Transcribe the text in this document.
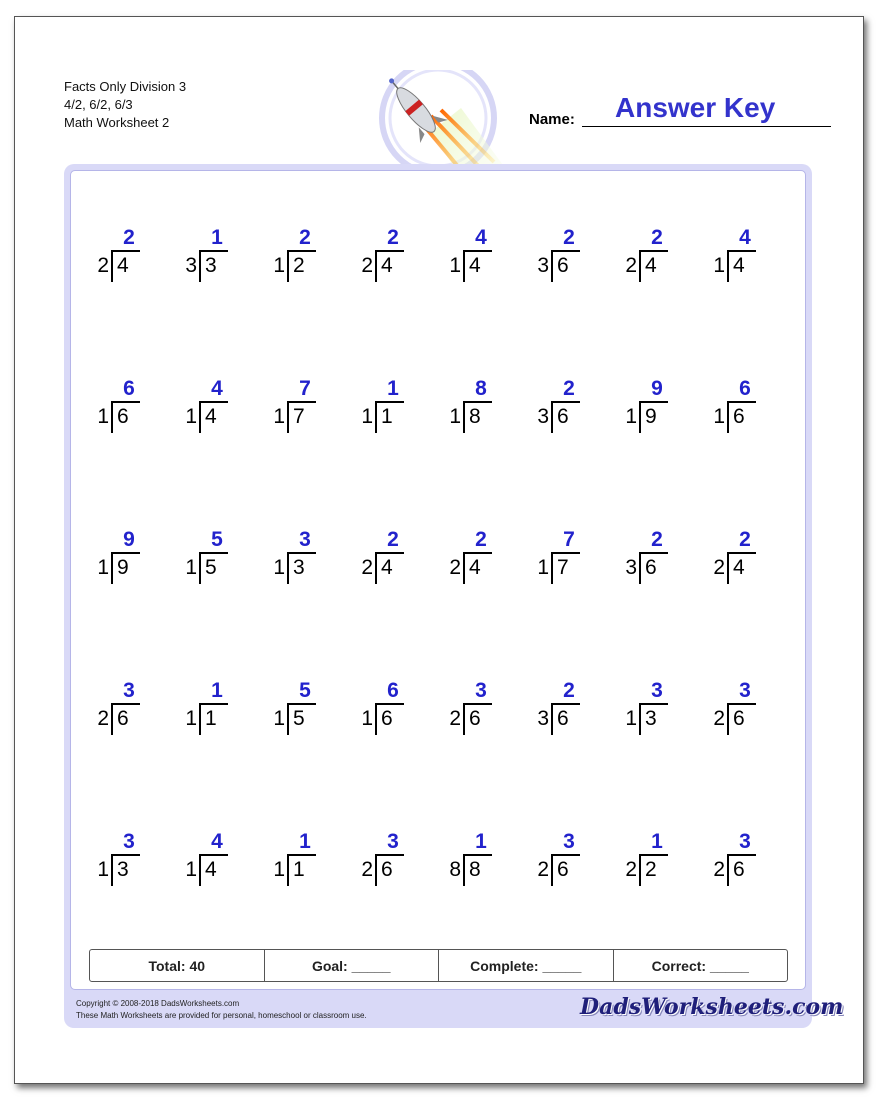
Facts Only Division 3
4/2, 6/2, 6/3
Math Worksheet 2	Name: Answer Key
2
2 4
1
3 3
2
1 2
2
2 4
4
1 4
2
3 6
2
2 4
4
1 4
6
1 6
4
1 4
7
1 7
1
1 1
8
1 8
2
3 6
9
1 9
6
1 6
9
1 9
5
1 5
3
1 3
2
2 4
2
2 4
7
1 7
2
3 6
2
2 4
3
2 6
1
1 1
5
1 5
6
1 6
3
2 6
2
3 6
3
1 3
3
2 6
3
1 3
4
1 4
1
1 1
3
2 6
1
8 8
3
2 6
1
2 2
3
2 6
Total: 40	Goal: _____	Complete: _____	Correct: _____
Copyright © 2008-2018 DadsWorksheets.com
These Math Worksheets are provided for personal, homeschool or classroom use.	DadsWorksheets.com
